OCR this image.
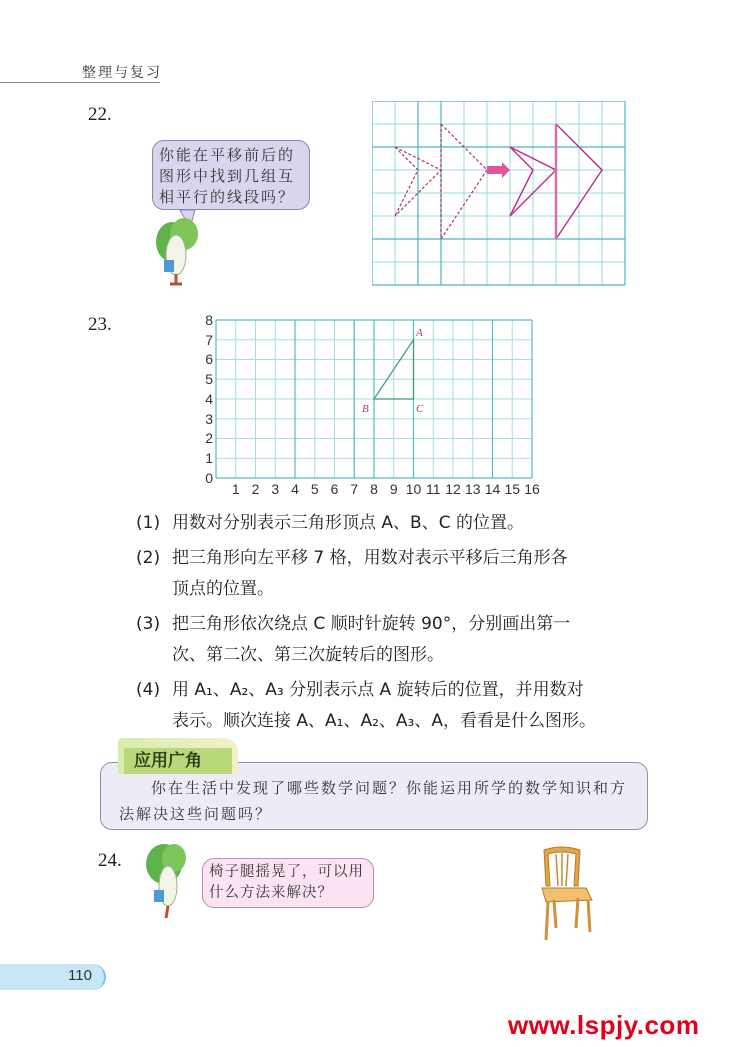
整理与复习
22.
你能在平移前后的图形中找到几组互相平行的线段吗？
23.	A
B	C
8
7
6
5
4
3
2
1
0
1 2 3 4 5 6 7 8 9 10 11 12 13 14 15 16
(1) 用数对分别表示三角形顶点 A、B、C 的位置。
(2) 把三角形向左平移 7 格，用数对表示平移后三角形各
顶点的位置。
(3) 把三角形依次绕点 C 顺时针旋转 90°，分别画出第一
次、第二次、第三次旋转后的图形。
(4) 用 A₁、A₂、A₃ 分别表示点 A 旋转后的位置，并用数对
表示。顺次连接 A、A₁、A₂、A₃、A，看看是什么图形。
你在生活中发现了哪些数学问题？你能运用所学的数学知识和方法解决这些问题吗？
应用广角
24.
椅子腿摇晃了，可以用什么方法来解决？
110
www.lspjy.com
